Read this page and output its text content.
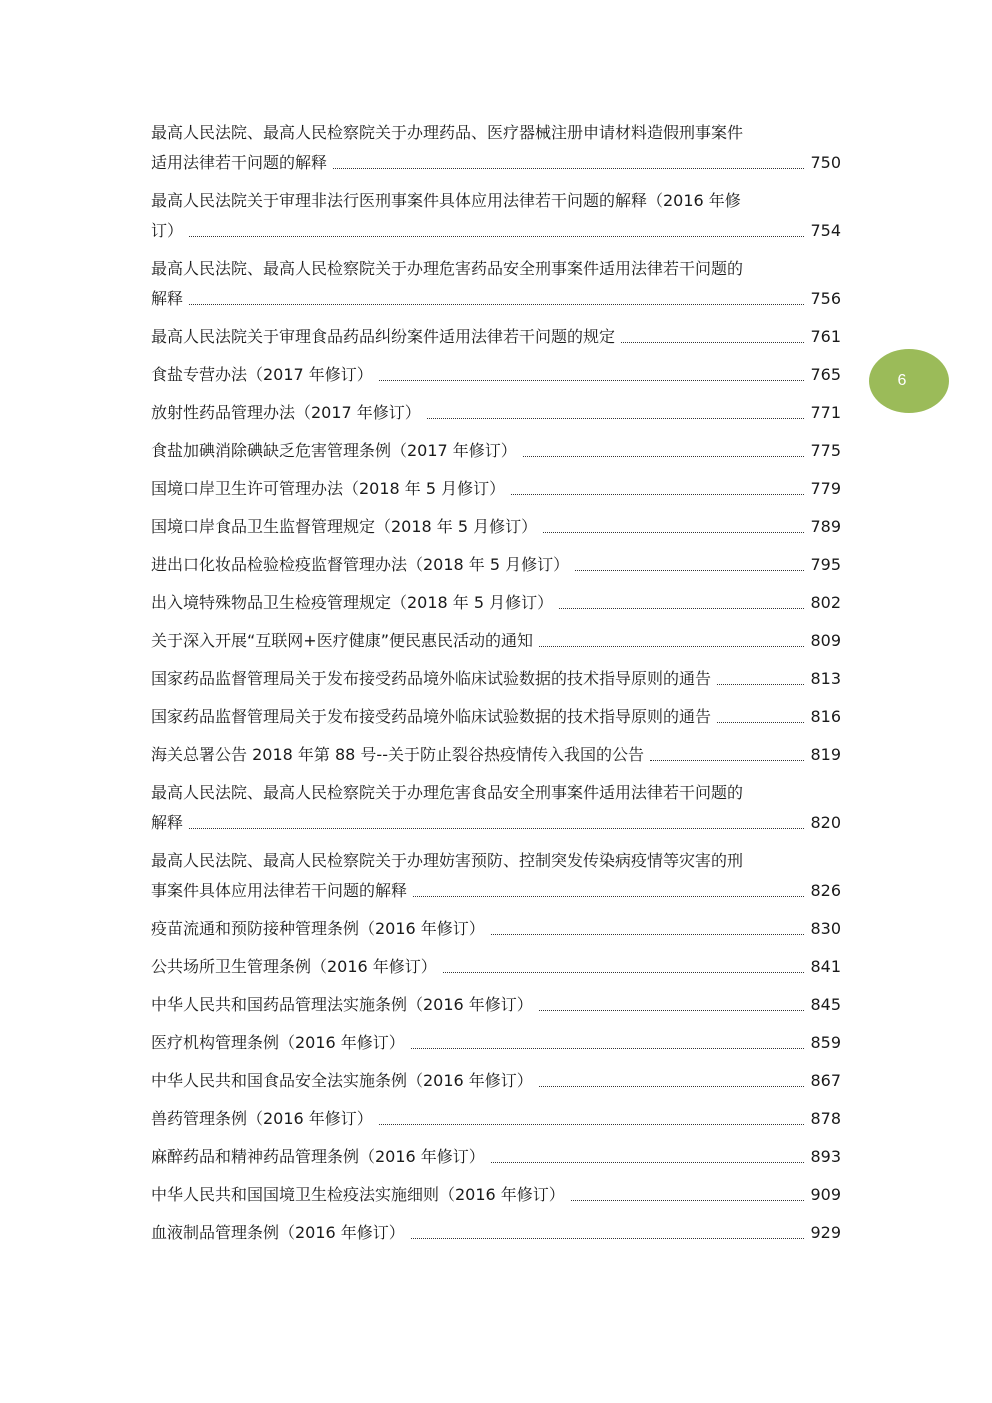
最高人民法院、最高人民检察院关于办理药品、医疗器械注册申请材料造假刑事案件
适用法律若干问题的解释	750
最高人民法院关于审理非法行医刑事案件具体应用法律若干问题的解释（2016 年修
订）	754
最高人民法院、最高人民检察院关于办理危害药品安全刑事案件适用法律若干问题的
解释	756
最高人民法院关于审理食品药品纠纷案件适用法律若干问题的规定	761
食盐专营办法（2017 年修订）	765
放射性药品管理办法（2017 年修订）	771
食盐加碘消除碘缺乏危害管理条例（2017 年修订）	775
国境口岸卫生许可管理办法（2018 年 5 月修订）	779
国境口岸食品卫生监督管理规定（2018 年 5 月修订）	789
进出口化妆品检验检疫监督管理办法（2018 年 5 月修订）	795
出入境特殊物品卫生检疫管理规定（2018 年 5 月修订）	802
关于深入开展“互联网+医疗健康”便民惠民活动的通知	809
国家药品监督管理局关于发布接受药品境外临床试验数据的技术指导原则的通告	813
国家药品监督管理局关于发布接受药品境外临床试验数据的技术指导原则的通告	816
海关总署公告 2018 年第 88 号--关于防止裂谷热疫情传入我国的公告	819
最高人民法院、最高人民检察院关于办理危害食品安全刑事案件适用法律若干问题的
解释	820
最高人民法院、最高人民检察院关于办理妨害预防、控制突发传染病疫情等灾害的刑
事案件具体应用法律若干问题的解释	826
疫苗流通和预防接种管理条例（2016 年修订）	830
公共场所卫生管理条例（2016 年修订）	841
中华人民共和国药品管理法实施条例（2016 年修订）	845
医疗机构管理条例（2016 年修订）	859
中华人民共和国食品安全法实施条例（2016 年修订）	867
兽药管理条例（2016 年修订）	878
麻醉药品和精神药品管理条例（2016 年修订）	893
中华人民共和国国境卫生检疫法实施细则（2016 年修订）	909
血液制品管理条例（2016 年修订）	929
6
